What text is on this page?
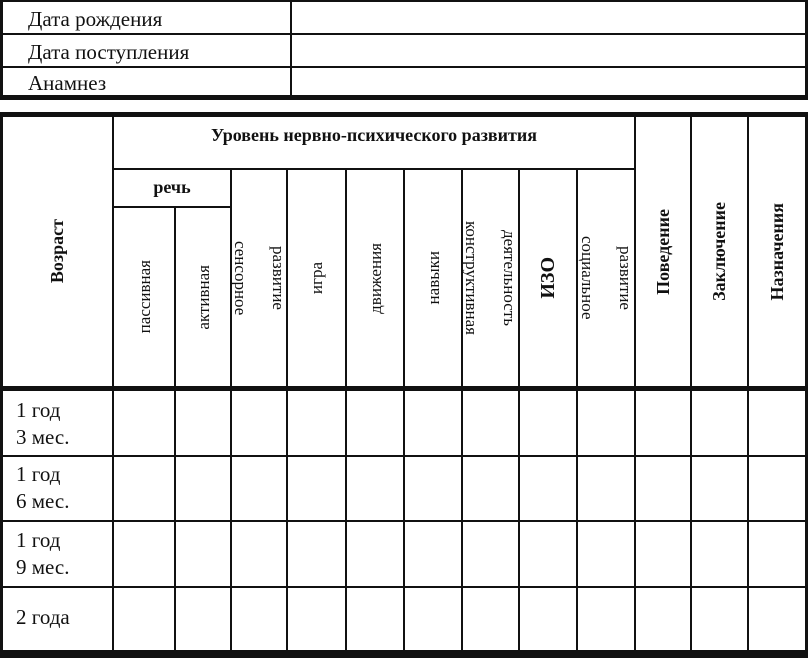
Дата рождения
Дата поступления
Анамнез
Возраст
Уровень нервно-психического развития
речь
пассивная активная сенсорное развитие игра движения навыки конструктивная деятельность ИЗО социальное развитие Поведение Заключение Назначения
1 год
3 мес.
1 год
6 мес.
1 год
9 мес.
2 года
